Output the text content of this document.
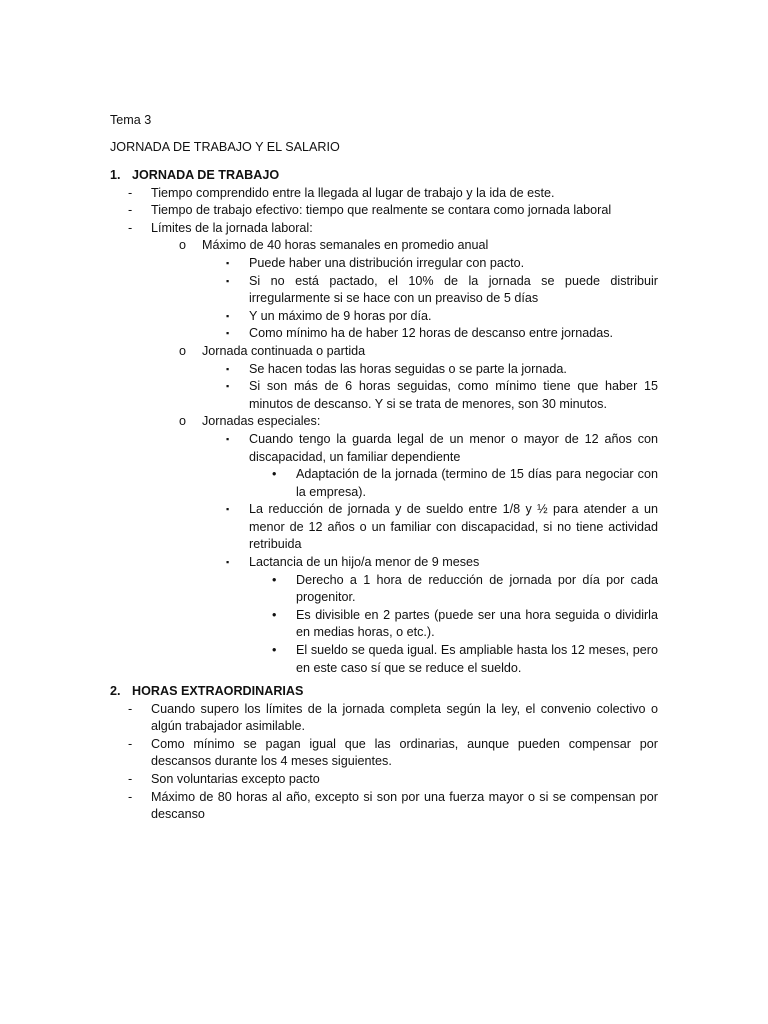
Tema 3
JORNADA DE TRABAJO Y EL SALARIO
1. JORNADA DE TRABAJO
- Tiempo comprendido entre la llegada al lugar de trabajo y la ida de este.
- Tiempo de trabajo efectivo: tiempo que realmente se contara como jornada laboral
- Límites de la jornada laboral:
o Máximo de 40 horas semanales en promedio anual
▪ Puede haber una distribución irregular con pacto.
▪ Si no está pactado, el 10% de la jornada se puede distribuir irregularmente si se hace con un preaviso de 5 días
▪ Y un máximo de 9 horas por día.
▪ Como mínimo ha de haber 12 horas de descanso entre jornadas.
o Jornada continuada o partida
▪ Se hacen todas las horas seguidas o se parte la jornada.
▪ Si son más de 6 horas seguidas, como mínimo tiene que haber 15 minutos de descanso. Y si se trata de menores, son 30 minutos.
o Jornadas especiales:
▪ Cuando tengo la guarda legal de un menor o mayor de 12 años con discapacidad, un familiar dependiente
• Adaptación de la jornada (termino de 15 días para negociar con la empresa).
▪ La reducción de jornada y de sueldo entre 1/8 y ½ para atender a un menor de 12 años o un familiar con discapacidad, si no tiene actividad retribuida
▪ Lactancia de un hijo/a menor de 9 meses
• Derecho a 1 hora de reducción de jornada por día por cada progenitor.
• Es divisible en 2 partes (puede ser una hora seguida o dividirla en medias horas, o etc.).
• El sueldo se queda igual. Es ampliable hasta los 12 meses, pero en este caso sí que se reduce el sueldo.
2. HORAS EXTRAORDINARIAS
- Cuando supero los límites de la jornada completa según la ley, el convenio colectivo o algún trabajador asimilable.
- Como mínimo se pagan igual que las ordinarias, aunque pueden compensar por descansos durante los 4 meses siguientes.
- Son voluntarias excepto pacto
- Máximo de 80 horas al año, excepto si son por una fuerza mayor o si se compensan por descanso
